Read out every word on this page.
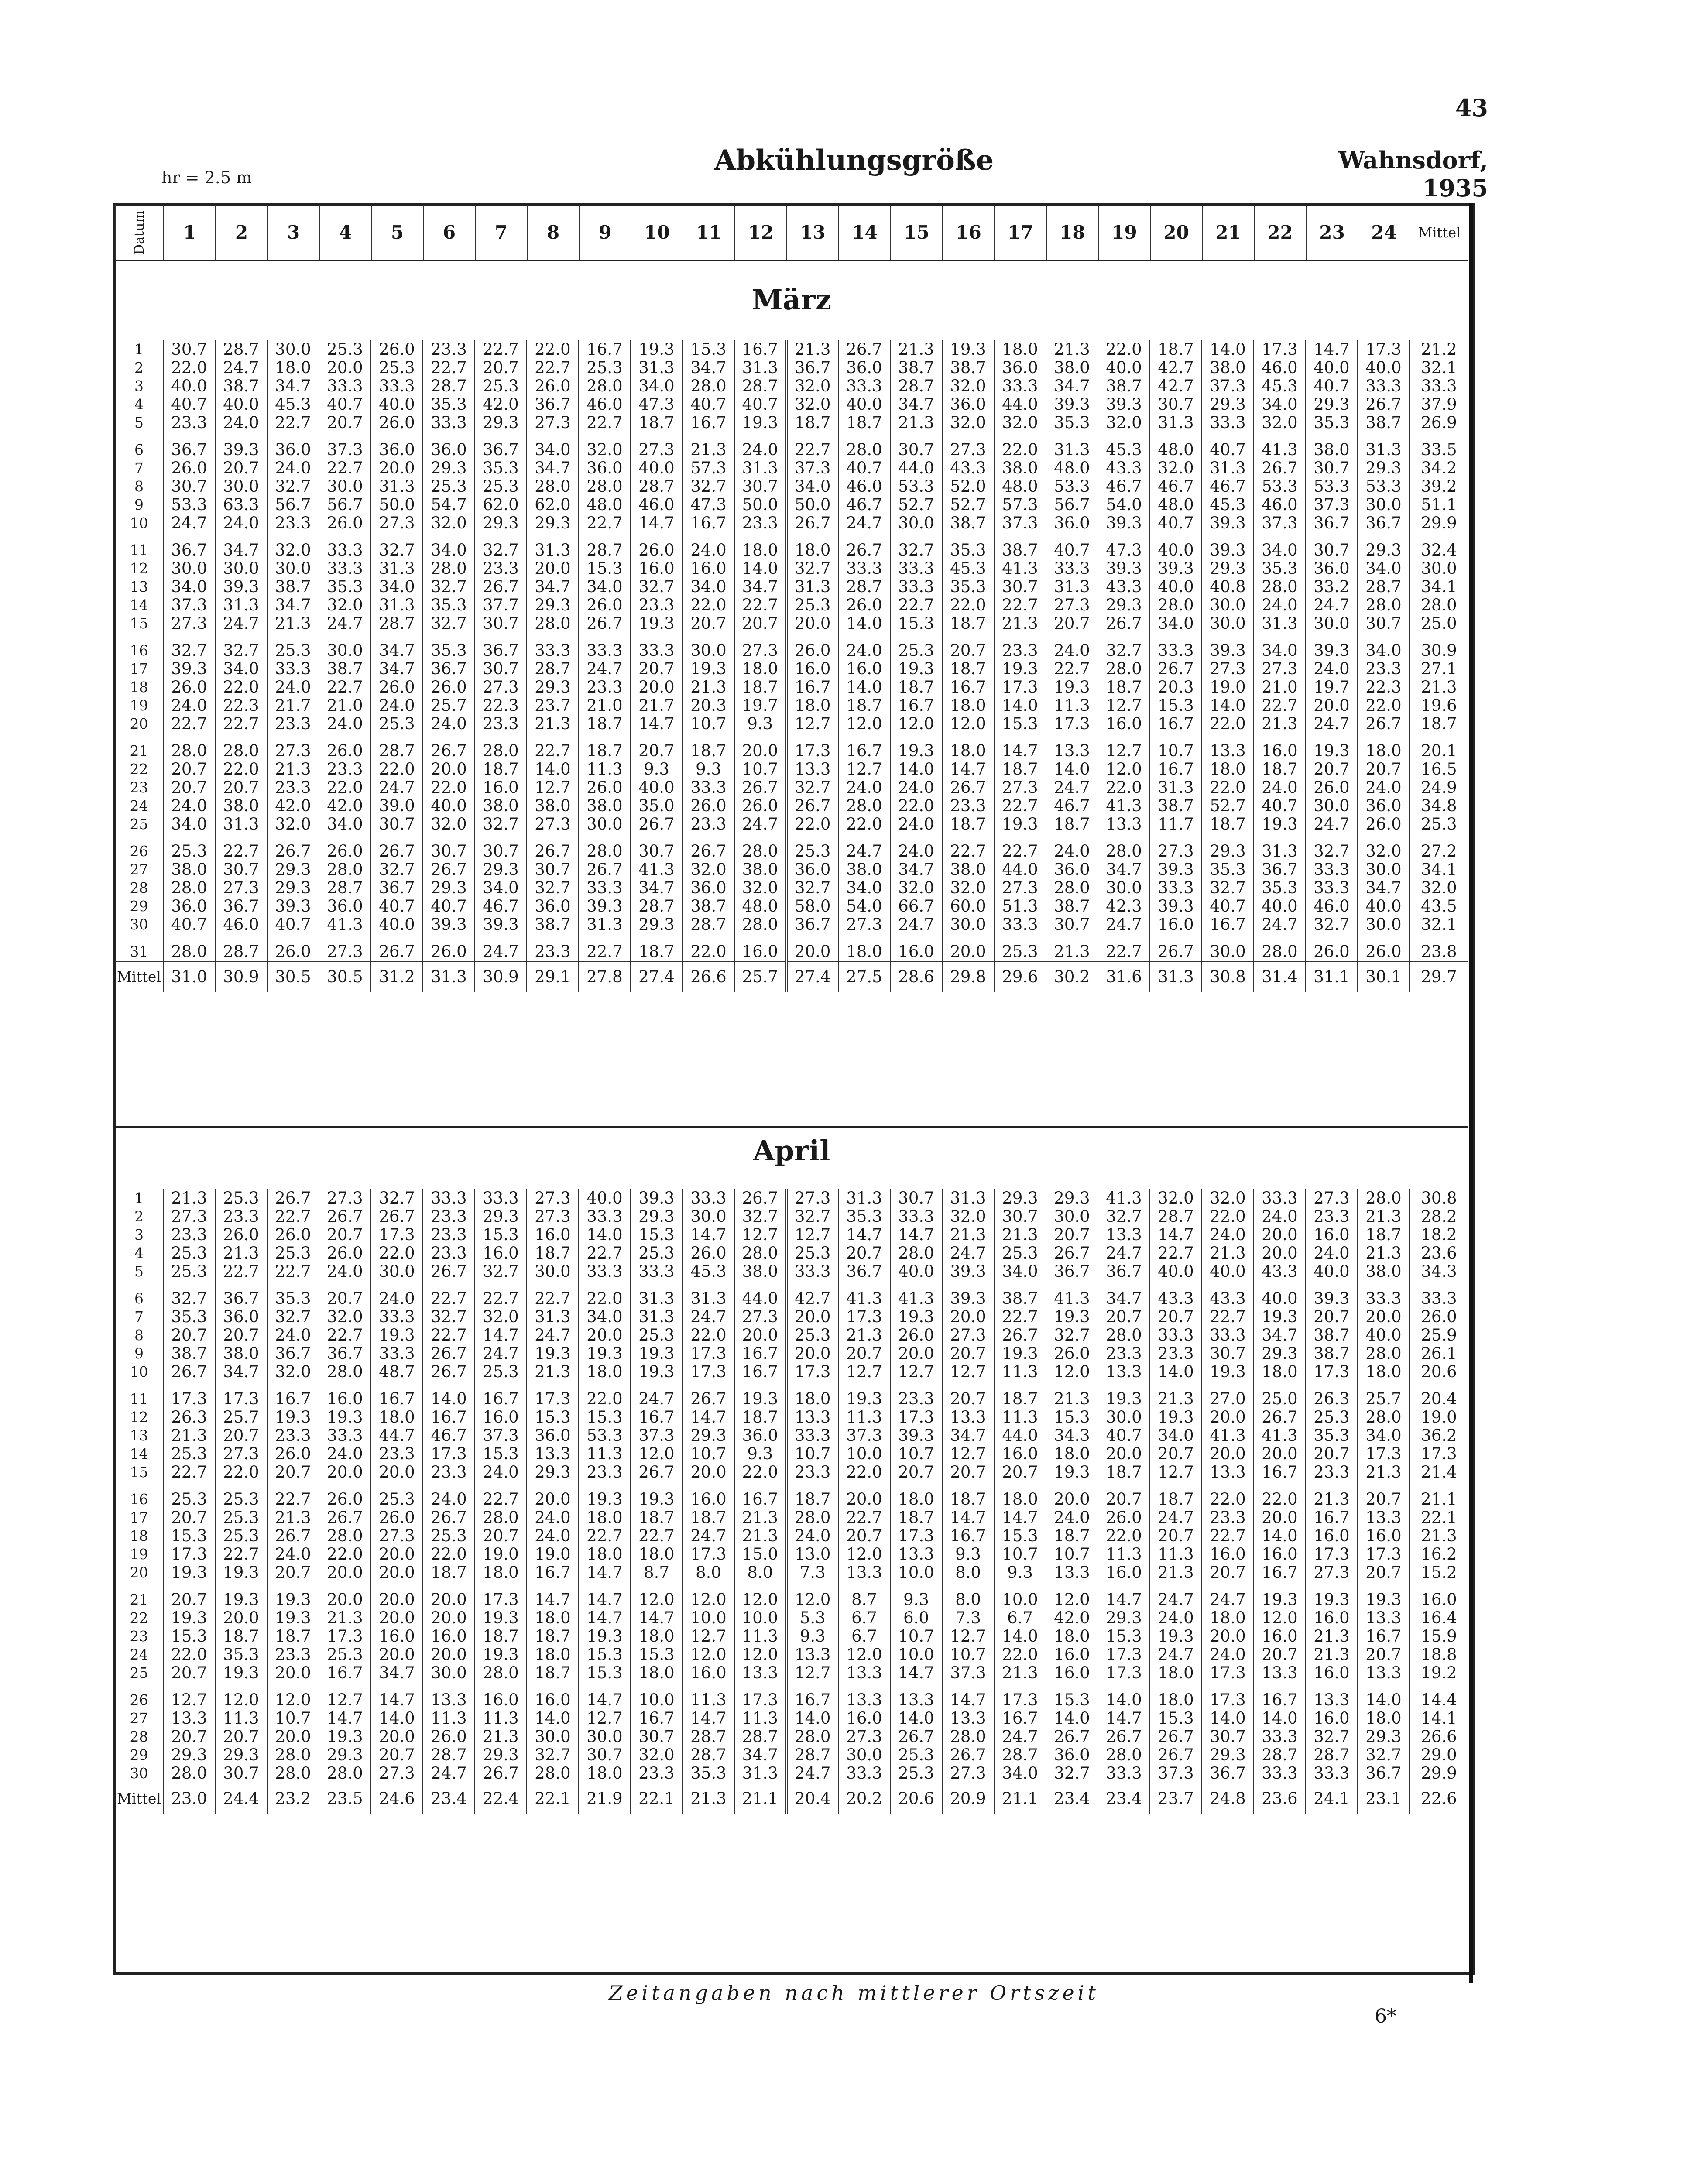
43
hr = 2.5 m
Abkühlungsgröße	Wahnsdorf, 1935
Datum	1	2	3	4	5	6	7	8	9	10	11	12	13	14	15	16	17	18	19	20	21	22	23	24	Mittel
März
1	30.7	28.7	30.0	25.3	26.0	23.3	22.7	22.0	16.7	19.3	15.3	16.7	21.3	26.7	21.3	19.3	18.0	21.3	22.0	18.7	14.0	17.3	14.7	17.3	21.2
2	22.0	24.7	18.0	20.0	25.3	22.7	20.7	22.7	25.3	31.3	34.7	31.3	36.7	36.0	38.7	38.7	36.0	38.0	40.0	42.7	38.0	46.0	40.0	40.0	32.1
3	40.0	38.7	34.7	33.3	33.3	28.7	25.3	26.0	28.0	34.0	28.0	28.7	32.0	33.3	28.7	32.0	33.3	34.7	38.7	42.7	37.3	45.3	40.7	33.3	33.3
4	40.7	40.0	45.3	40.7	40.0	35.3	42.0	36.7	46.0	47.3	40.7	40.7	32.0	40.0	34.7	36.0	44.0	39.3	39.3	30.7	29.3	34.0	29.3	26.7	37.9
5	23.3	24.0	22.7	20.7	26.0	33.3	29.3	27.3	22.7	18.7	16.7	19.3	18.7	18.7	21.3	32.0	32.0	35.3	32.0	31.3	33.3	32.0	35.3	38.7	26.9

6	36.7	39.3	36.0	37.3	36.0	36.0	36.7	34.0	32.0	27.3	21.3	24.0	22.7	28.0	30.7	27.3	22.0	31.3	45.3	48.0	40.7	41.3	38.0	31.3	33.5
7	26.0	20.7	24.0	22.7	20.0	29.3	35.3	34.7	36.0	40.0	57.3	31.3	37.3	40.7	44.0	43.3	38.0	48.0	43.3	32.0	31.3	26.7	30.7	29.3	34.2
8	30.7	30.0	32.7	30.0	31.3	25.3	25.3	28.0	28.0	28.7	32.7	30.7	34.0	46.0	53.3	52.0	48.0	53.3	46.7	46.7	46.7	53.3	53.3	53.3	39.2
9	53.3	63.3	56.7	56.7	50.0	54.7	62.0	62.0	48.0	46.0	47.3	50.0	50.0	46.7	52.7	52.7	57.3	56.7	54.0	48.0	45.3	46.0	37.3	30.0	51.1
10	24.7	24.0	23.3	26.0	27.3	32.0	29.3	29.3	22.7	14.7	16.7	23.3	26.7	24.7	30.0	38.7	37.3	36.0	39.3	40.7	39.3	37.3	36.7	36.7	29.9

11	36.7	34.7	32.0	33.3	32.7	34.0	32.7	31.3	28.7	26.0	24.0	18.0	18.0	26.7	32.7	35.3	38.7	40.7	47.3	40.0	39.3	34.0	30.7	29.3	32.4
12	30.0	30.0	30.0	33.3	31.3	28.0	23.3	20.0	15.3	16.0	16.0	14.0	32.7	33.3	33.3	45.3	41.3	33.3	39.3	39.3	29.3	35.3	36.0	34.0	30.0
13	34.0	39.3	38.7	35.3	34.0	32.7	26.7	34.7	34.0	32.7	34.0	34.7	31.3	28.7	33.3	35.3	30.7	31.3	43.3	40.0	40.8	28.0	33.2	28.7	34.1
14	37.3	31.3	34.7	32.0	31.3	35.3	37.7	29.3	26.0	23.3	22.0	22.7	25.3	26.0	22.7	22.0	22.7	27.3	29.3	28.0	30.0	24.0	24.7	28.0	28.0
15	27.3	24.7	21.3	24.7	28.7	32.7	30.7	28.0	26.7	19.3	20.7	20.7	20.0	14.0	15.3	18.7	21.3	20.7	26.7	34.0	30.0	31.3	30.0	30.7	25.0

16	32.7	32.7	25.3	30.0	34.7	35.3	36.7	33.3	33.3	33.3	30.0	27.3	26.0	24.0	25.3	20.7	23.3	24.0	32.7	33.3	39.3	34.0	39.3	34.0	30.9
17	39.3	34.0	33.3	38.7	34.7	36.7	30.7	28.7	24.7	20.7	19.3	18.0	16.0	16.0	19.3	18.7	19.3	22.7	28.0	26.7	27.3	27.3	24.0	23.3	27.1
18	26.0	22.0	24.0	22.7	26.0	26.0	27.3	29.3	23.3	20.0	21.3	18.7	16.7	14.0	18.7	16.7	17.3	19.3	18.7	20.3	19.0	21.0	19.7	22.3	21.3
19	24.0	22.3	21.7	21.0	24.0	25.7	22.3	23.7	21.0	21.7	20.3	19.7	18.0	18.7	16.7	18.0	14.0	11.3	12.7	15.3	14.0	22.7	20.0	22.0	19.6
20	22.7	22.7	23.3	24.0	25.3	24.0	23.3	21.3	18.7	14.7	10.7	9.3	12.7	12.0	12.0	12.0	15.3	17.3	16.0	16.7	22.0	21.3	24.7	26.7	18.7

21	28.0	28.0	27.3	26.0	28.7	26.7	28.0	22.7	18.7	20.7	18.7	20.0	17.3	16.7	19.3	18.0	14.7	13.3	12.7	10.7	13.3	16.0	19.3	18.0	20.1
22	20.7	22.0	21.3	23.3	22.0	20.0	18.7	14.0	11.3	9.3	9.3	10.7	13.3	12.7	14.0	14.7	18.7	14.0	12.0	16.7	18.0	18.7	20.7	20.7	16.5
23	20.7	20.7	23.3	22.0	24.7	22.0	16.0	12.7	26.0	40.0	33.3	26.7	32.7	24.0	24.0	26.7	27.3	24.7	22.0	31.3	22.0	24.0	26.0	24.0	24.9
24	24.0	38.0	42.0	42.0	39.0	40.0	38.0	38.0	38.0	35.0	26.0	26.0	26.7	28.0	22.0	23.3	22.7	46.7	41.3	38.7	52.7	40.7	30.0	36.0	34.8
25	34.0	31.3	32.0	34.0	30.7	32.0	32.7	27.3	30.0	26.7	23.3	24.7	22.0	22.0	24.0	18.7	19.3	18.7	13.3	11.7	18.7	19.3	24.7	26.0	25.3

26	25.3	22.7	26.7	26.0	26.7	30.7	30.7	26.7	28.0	30.7	26.7	28.0	25.3	24.7	24.0	22.7	22.7	24.0	28.0	27.3	29.3	31.3	32.7	32.0	27.2
27	38.0	30.7	29.3	28.0	32.7	26.7	29.3	30.7	26.7	41.3	32.0	38.0	36.0	38.0	34.7	38.0	44.0	36.0	34.7	39.3	35.3	36.7	33.3	30.0	34.1
28	28.0	27.3	29.3	28.7	36.7	29.3	34.0	32.7	33.3	34.7	36.0	32.0	32.7	34.0	32.0	32.0	27.3	28.0	30.0	33.3	32.7	35.3	33.3	34.7	32.0
29	36.0	36.7	39.3	36.0	40.7	40.7	46.7	36.0	39.3	28.7	38.7	48.0	58.0	54.0	66.7	60.0	51.3	38.7	42.3	39.3	40.7	40.0	46.0	40.0	43.5
30	40.7	46.0	40.7	41.3	40.0	39.3	39.3	38.7	31.3	29.3	28.7	28.0	36.7	27.3	24.7	30.0	33.3	30.7	24.7	16.0	16.7	24.7	32.7	30.0	32.1

31	28.0	28.7	26.0	27.3	26.7	26.0	24.7	23.3	22.7	18.7	22.0	16.0	20.0	18.0	16.0	20.0	25.3	21.3	22.7	26.7	30.0	28.0	26.0	26.0	23.8
Mittel	31.0	30.9	30.5	30.5	31.2	31.3	30.9	29.1	27.8	27.4	26.6	25.7	27.4	27.5	28.6	29.8	29.6	30.2	31.6	31.3	30.8	31.4	31.1	30.1	29.7
April
1	21.3	25.3	26.7	27.3	32.7	33.3	33.3	27.3	40.0	39.3	33.3	26.7	27.3	31.3	30.7	31.3	29.3	29.3	41.3	32.0	32.0	33.3	27.3	28.0	30.8
2	27.3	23.3	22.7	26.7	26.7	23.3	29.3	27.3	33.3	29.3	30.0	32.7	32.7	35.3	33.3	32.0	30.7	30.0	32.7	28.7	22.0	24.0	23.3	21.3	28.2
3	23.3	26.0	26.0	20.7	17.3	23.3	15.3	16.0	14.0	15.3	14.7	12.7	12.7	14.7	14.7	21.3	21.3	20.7	13.3	14.7	24.0	20.0	16.0	18.7	18.2
4	25.3	21.3	25.3	26.0	22.0	23.3	16.0	18.7	22.7	25.3	26.0	28.0	25.3	20.7	28.0	24.7	25.3	26.7	24.7	22.7	21.3	20.0	24.0	21.3	23.6
5	25.3	22.7	22.7	24.0	30.0	26.7	32.7	30.0	33.3	33.3	45.3	38.0	33.3	36.7	40.0	39.3	34.0	36.7	36.7	40.0	40.0	43.3	40.0	38.0	34.3

6	32.7	36.7	35.3	20.7	24.0	22.7	22.7	22.7	22.0	31.3	31.3	44.0	42.7	41.3	41.3	39.3	38.7	41.3	34.7	43.3	43.3	40.0	39.3	33.3	33.3
7	35.3	36.0	32.7	32.0	33.3	32.7	32.0	31.3	34.0	31.3	24.7	27.3	20.0	17.3	19.3	20.0	22.7	19.3	20.7	20.7	22.7	19.3	20.7	20.0	26.0
8	20.7	20.7	24.0	22.7	19.3	22.7	14.7	24.7	20.0	25.3	22.0	20.0	25.3	21.3	26.0	27.3	26.7	32.7	28.0	33.3	33.3	34.7	38.7	40.0	25.9
9	38.7	38.0	36.7	36.7	33.3	26.7	24.7	19.3	19.3	19.3	17.3	16.7	20.0	20.7	20.0	20.7	19.3	26.0	23.3	23.3	30.7	29.3	38.7	28.0	26.1
10	26.7	34.7	32.0	28.0	48.7	26.7	25.3	21.3	18.0	19.3	17.3	16.7	17.3	12.7	12.7	12.7	11.3	12.0	13.3	14.0	19.3	18.0	17.3	18.0	20.6

11	17.3	17.3	16.7	16.0	16.7	14.0	16.7	17.3	22.0	24.7	26.7	19.3	18.0	19.3	23.3	20.7	18.7	21.3	19.3	21.3	27.0	25.0	26.3	25.7	20.4
12	26.3	25.7	19.3	19.3	18.0	16.7	16.0	15.3	15.3	16.7	14.7	18.7	13.3	11.3	17.3	13.3	11.3	15.3	30.0	19.3	20.0	26.7	25.3	28.0	19.0
13	21.3	20.7	23.3	33.3	44.7	46.7	37.3	36.0	53.3	37.3	29.3	36.0	33.3	37.3	39.3	34.7	44.0	34.3	40.7	34.0	41.3	41.3	35.3	34.0	36.2
14	25.3	27.3	26.0	24.0	23.3	17.3	15.3	13.3	11.3	12.0	10.7	9.3	10.7	10.0	10.7	12.7	16.0	18.0	20.0	20.7	20.0	20.0	20.7	17.3	17.3
15	22.7	22.0	20.7	20.0	20.0	23.3	24.0	29.3	23.3	26.7	20.0	22.0	23.3	22.0	20.7	20.7	20.7	19.3	18.7	12.7	13.3	16.7	23.3	21.3	21.4

16	25.3	25.3	22.7	26.0	25.3	24.0	22.7	20.0	19.3	19.3	16.0	16.7	18.7	20.0	18.0	18.7	18.0	20.0	20.7	18.7	22.0	22.0	21.3	20.7	21.1
17	20.7	25.3	21.3	26.7	26.0	26.7	28.0	24.0	18.0	18.7	18.7	21.3	28.0	22.7	18.7	14.7	14.7	24.0	26.0	24.7	23.3	20.0	16.7	13.3	22.1
18	15.3	25.3	26.7	28.0	27.3	25.3	20.7	24.0	22.7	22.7	24.7	21.3	24.0	20.7	17.3	16.7	15.3	18.7	22.0	20.7	22.7	14.0	16.0	16.0	21.3
19	17.3	22.7	24.0	22.0	20.0	22.0	19.0	19.0	18.0	18.0	17.3	15.0	13.0	12.0	13.3	9.3	10.7	10.7	11.3	11.3	16.0	16.0	17.3	17.3	16.2
20	19.3	19.3	20.7	20.0	20.0	18.7	18.0	16.7	14.7	8.7	8.0	8.0	7.3	13.3	10.0	8.0	9.3	13.3	16.0	21.3	20.7	16.7	27.3	20.7	15.2

21	20.7	19.3	19.3	20.0	20.0	20.0	17.3	14.7	14.7	12.0	12.0	12.0	12.0	8.7	9.3	8.0	10.0	12.0	14.7	24.7	24.7	19.3	19.3	19.3	16.0
22	19.3	20.0	19.3	21.3	20.0	20.0	19.3	18.0	14.7	14.7	10.0	10.0	5.3	6.7	6.0	7.3	6.7	42.0	29.3	24.0	18.0	12.0	16.0	13.3	16.4
23	15.3	18.7	18.7	17.3	16.0	16.0	18.7	18.7	19.3	18.0	12.7	11.3	9.3	6.7	10.7	12.7	14.0	18.0	15.3	19.3	20.0	16.0	21.3	16.7	15.9
24	22.0	35.3	23.3	25.3	20.0	20.0	19.3	18.0	15.3	15.3	12.0	12.0	13.3	12.0	10.0	10.7	22.0	16.0	17.3	24.7	24.0	20.7	21.3	20.7	18.8
25	20.7	19.3	20.0	16.7	34.7	30.0	28.0	18.7	15.3	18.0	16.0	13.3	12.7	13.3	14.7	37.3	21.3	16.0	17.3	18.0	17.3	13.3	16.0	13.3	19.2

26	12.7	12.0	12.0	12.7	14.7	13.3	16.0	16.0	14.7	10.0	11.3	17.3	16.7	13.3	13.3	14.7	17.3	15.3	14.0	18.0	17.3	16.7	13.3	14.0	14.4
27	13.3	11.3	10.7	14.7	14.0	11.3	11.3	14.0	12.7	16.7	14.7	11.3	14.0	16.0	14.0	13.3	16.7	14.0	14.7	15.3	14.0	14.0	16.0	18.0	14.1
28	20.7	20.7	20.0	19.3	20.0	26.0	21.3	30.0	30.0	30.7	28.7	28.7	28.0	27.3	26.7	28.0	24.7	26.7	26.7	26.7	30.7	33.3	32.7	29.3	26.6
29	29.3	29.3	28.0	29.3	20.7	28.7	29.3	32.7	30.7	32.0	28.7	34.7	28.7	30.0	25.3	26.7	28.7	36.0	28.0	26.7	29.3	28.7	28.7	32.7	29.0
30	28.0	30.7	28.0	28.0	27.3	24.7	26.7	28.0	18.0	23.3	35.3	31.3	24.7	33.3	25.3	27.3	34.0	32.7	33.3	37.3	36.7	33.3	33.3	36.7	29.9
Mittel	23.0	24.4	23.2	23.5	24.6	23.4	22.4	22.1	21.9	22.1	21.3	21.1	20.4	20.2	20.6	20.9	21.1	23.4	23.4	23.7	24.8	23.6	24.1	23.1	22.6
Zeitangaben nach mittlerer Ortszeit
6*
